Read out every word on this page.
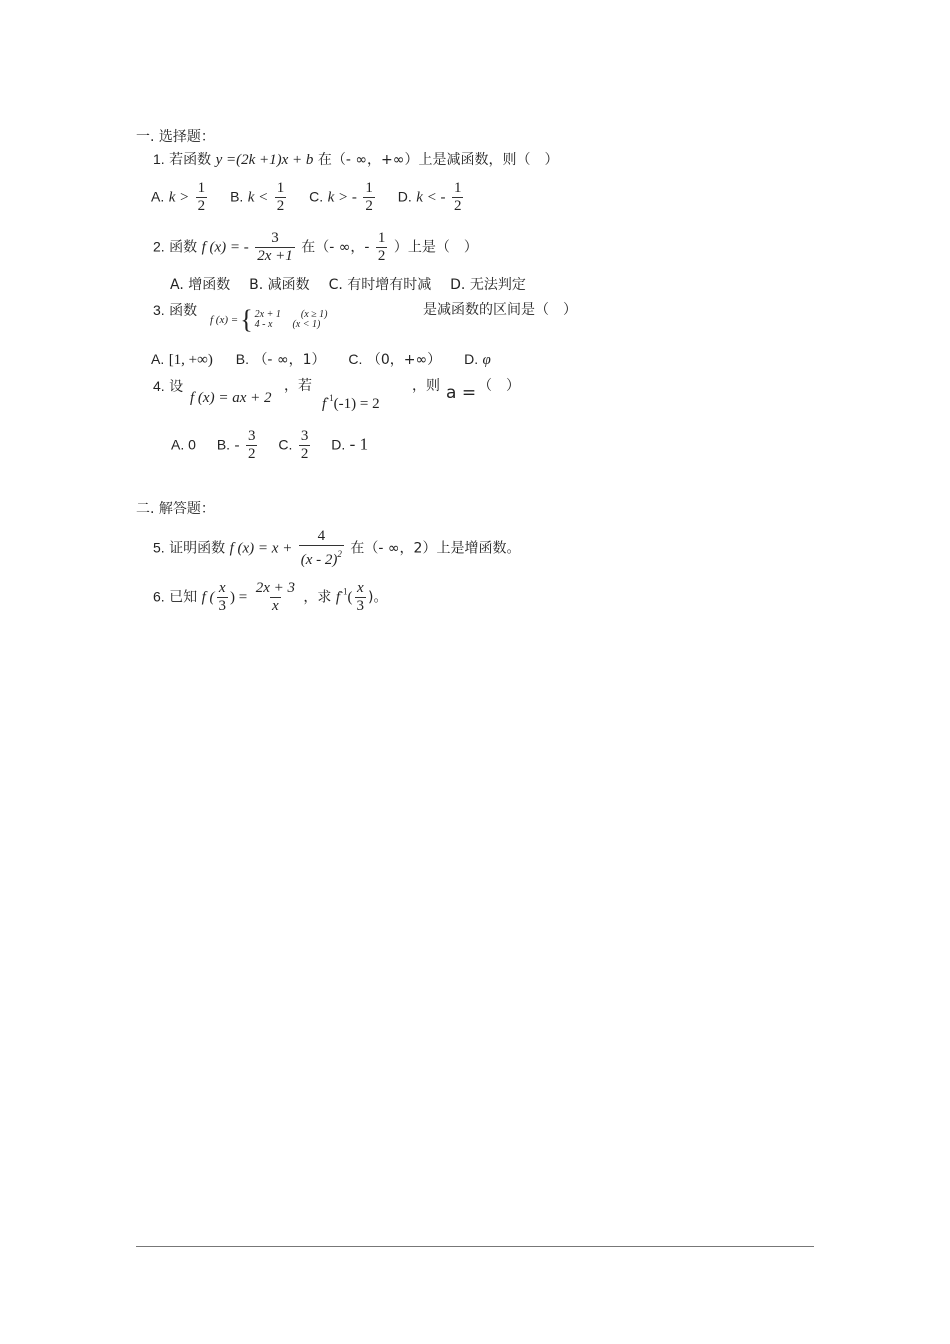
一. 选择题：
1. 若函数 y =(2k +1)x + b 在（- ∞，+∞）上是减函数，则（　）
A. $k > \frac{1}{2} B$. $k < \frac{1}{2} C$. k > - $\frac{1}{2} D$. k < - $\frac{1}{2}$
2. 函数 f (x) = - $\frac{3}{2x +1}$ 在（- ∞，- $\frac{1}{2}$ ）上是（　）
A. 增函数 B. 减函数 C. 有时增有时减 D. 无法判定
3. 函数
f (x) = { 2x + 1　　(x ≥ 1)
4 - x　　(x < 1)
是减函数的区间是（　）
A. [1, +∞) B. （- ∞，1） C. （0，+∞） D. φ
4. 设
f (x) = ax + 2
，若
$f^{-1}(-1) = 2$
，则 a = （　）
A. 0 B. - $\frac{3}{2} C$. $\frac{3}{2} D$. - 1
二. 解答题：
5. 证明函数 f $(x) = x + \frac{4}{(x - 2)^2}$ 在（- ∞，2）上是增函数。
6. 已知 f ( $\frac{x}{3}$ ) = $\frac{2x + 3}{x}$ ，求 $f^{-1}( \frac{x}{3}$ )。
